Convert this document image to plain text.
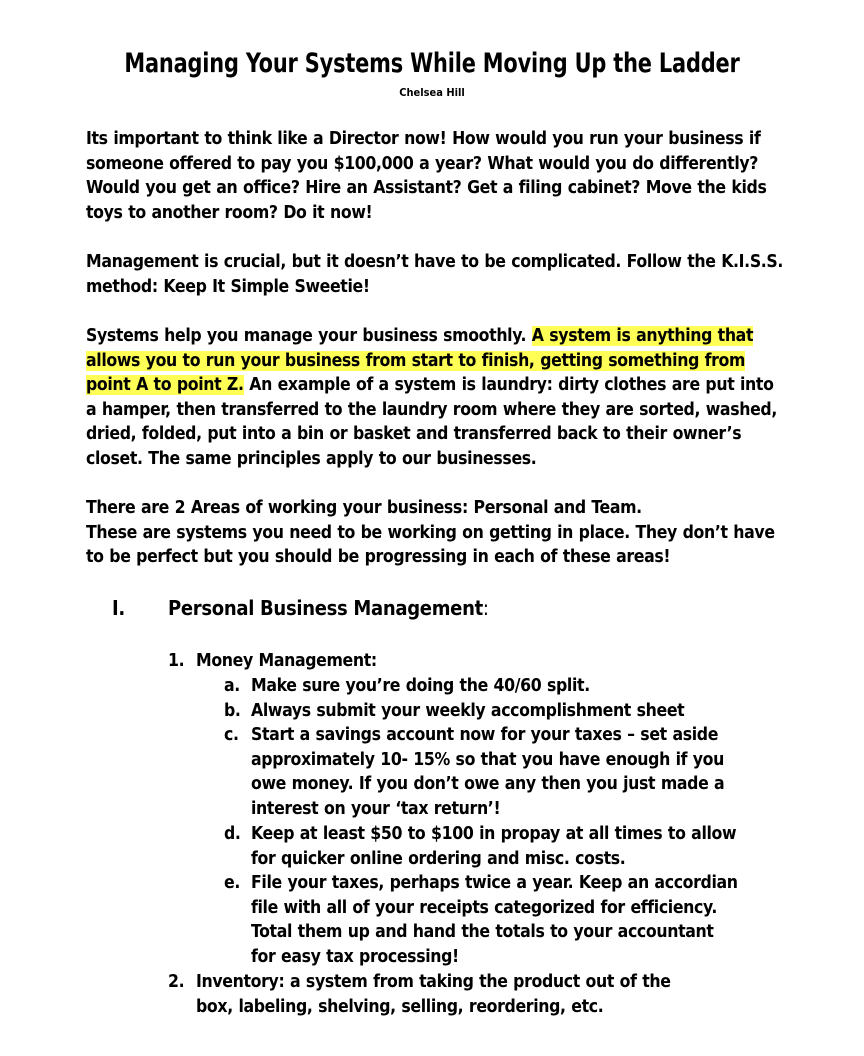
Managing Your Systems While Moving Up the Ladder
Chelsea Hill
Its important to think like a Director now! How would you run your business if someone offered to pay you $100,000 a year? What would you do differently? Would you get an office? Hire an Assistant? Get a filing cabinet? Move the kids toys to another room? Do it now!
Management is crucial, but it doesn’t have to be complicated. Follow the K.I.S.S. method: Keep It Simple Sweetie!
Systems help you manage your business smoothly. A system is anything that allows you to run your business from start to finish, getting something from point A to point Z. An example of a system is laundry: dirty clothes are put into a hamper, then transferred to the laundry room where they are sorted, washed, dried, folded, put into a bin or basket and transferred back to their owner’s closet. The same principles apply to our businesses.
There are 2 Areas of working your business: Personal and Team.
These are systems you need to be working on getting in place. They don’t have to be perfect but you should be progressing in each of these areas!
I. Personal Business Management:
1. Money Management:
a. Make sure you’re doing the 40/60 split.
b. Always submit your weekly accomplishment sheet
c. Start a savings account now for your taxes – set aside approximately 10- 15% so that you have enough if you owe money. If you don’t owe any then you just made a interest on your ‘tax return’!
d. Keep at least $50 to $100 in propay at all times to allow for quicker online ordering and misc. costs.
e. File your taxes, perhaps twice a year. Keep an accordian file with all of your receipts categorized for efficiency. Total them up and hand the totals to your accountant for easy tax processing!
2. Inventory: a system from taking the product out of the box, labeling, shelving, selling, reordering, etc.
